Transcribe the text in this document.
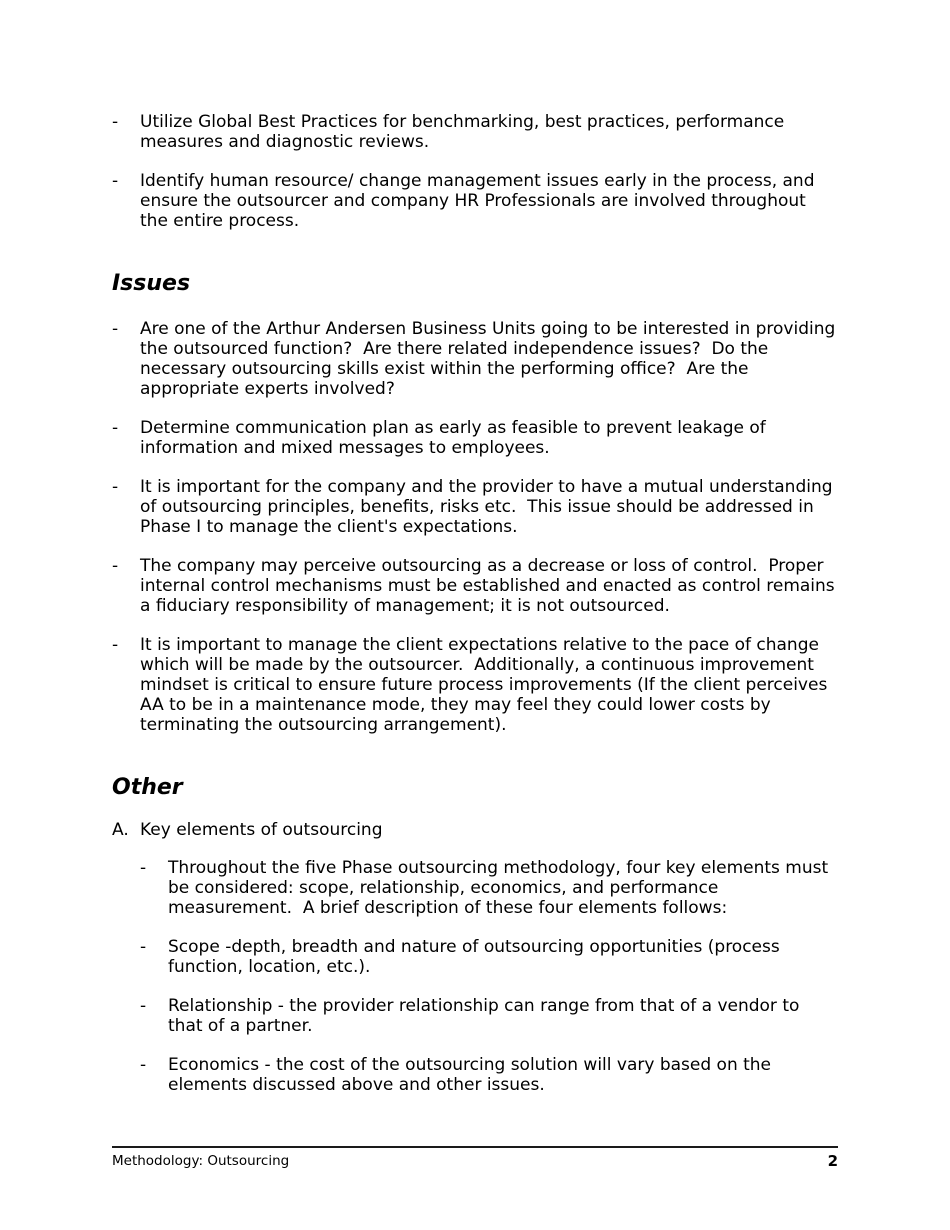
-	Utilize Global Best Practices for benchmarking, best practices, performance measures and diagnostic reviews.
-	Identify human resource/ change management issues early in the process, and ensure the outsourcer and company HR Professionals are involved throughout the entire process.
Issues
-	Are one of the Arthur Andersen Business Units going to be interested in providing the outsourced function?  Are there related independence issues?  Do the necessary outsourcing skills exist within the performing office?  Are the appropriate experts involved?
-	Determine communication plan as early as feasible to prevent leakage of information and mixed messages to employees.
-	It is important for the company and the provider to have a mutual understanding of outsourcing principles, benefits, risks etc.  This issue should be addressed in Phase I to manage the client's expectations.
-	The company may perceive outsourcing as a decrease or loss of control.  Proper internal control mechanisms must be established and enacted as control remains a fiduciary responsibility of management; it is not outsourced.
-	It is important to manage the client expectations relative to the pace of change which will be made by the outsourcer.  Additionally, a continuous improvement mindset is critical to ensure future process improvements (If the client perceives AA to be in a maintenance mode, they may feel they could lower costs by terminating the outsourcing arrangement).
Other
A. Key elements of outsourcing
-	Throughout the five Phase outsourcing methodology, four key elements must be considered: scope, relationship, economics, and performance measurement.  A brief description of these four elements follows:
-	Scope -depth, breadth and nature of outsourcing opportunities (process function, location, etc.).
-	Relationship - the provider relationship can range from that of a vendor to that of a partner.
-	Economics - the cost of the outsourcing solution will vary based on the elements discussed above and other issues.
Methodology: Outsourcing	2
